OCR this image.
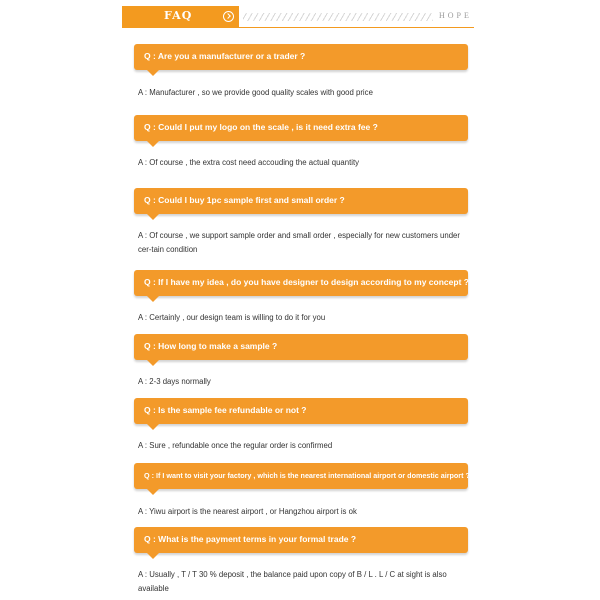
FAQ	HOPE
Q : Are you a manufacturer or a trader ?
A : Manufacturer , so we provide good quality scales with good price
Q : Could I put my logo on the scale , is it need extra fee ?
A : Of course , the extra cost need accouding the actual quantity
Q : Could I buy 1pc sample first and small order ?
A : Of course , we support sample order and small order , especially for new customers under cer-tain condition
Q : If I have my idea , do you have designer to design according to my concept ?
A : Certainly , our design team is willing to do it for you
Q : How long to make a sample ?
A : 2-3 days normally
Q : Is the sample fee refundable or not ?
A : Sure , refundable once the regular order is confirmed
Q : If I want to visit your factory , which is the nearest international airport or domestic airport ?
A : Yiwu airport is the nearest airport , or Hangzhou airport is ok
Q : What is the payment terms in your formal trade ?
A : Usually , T / T 30 % deposit , the balance paid upon copy of B / L . L / C at sight is also available
